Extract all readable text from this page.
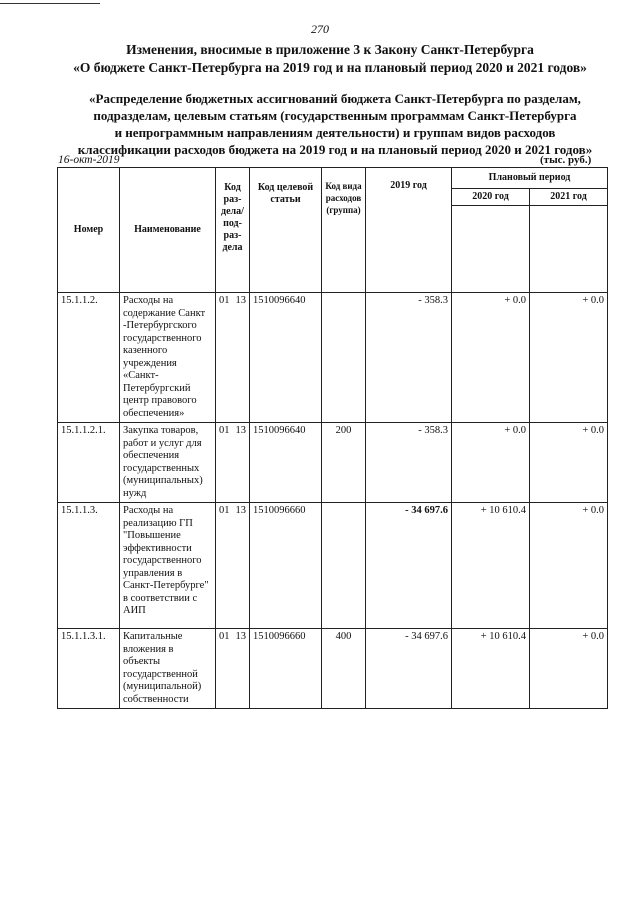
270
Изменения, вносимые в приложение 3 к Закону Санкт-Петербурга
«О бюджете Санкт-Петербурга на 2019 год и на плановый период 2020 и 2021 годов»
«Распределение бюджетных ассигнований бюджета Санкт-Петербурга по разделам,
подразделам, целевым статьям (государственным программам Санкт-Петербурга
и непрограммным направлениям деятельности) и группам видов расходов
классификации расходов бюджета на 2019 год и на плановый период 2020 и 2021 годов»
16-окт-2019	(тыс. руб.)
Номер	Наименование	Код раз- дела/ под- раз- дела	Код целевой статьи	Код вида расходов (группа)	2019 год	Плановый период	
						2020 год	2021 год

15.1.1.2.	Расходы на содержание Санкт -Петербургского государственного казенного учреждения «Санкт-Петербургский центр правового обеспечения»	01 13	1510096640		- 358.3	+ 0.0	+ 0.0
15.1.1.2.1.	Закупка товаров, работ и услуг для обеспечения государственных (муниципальных) нужд	01 13	1510096640	200	- 358.3	+ 0.0	+ 0.0
15.1.1.3.	Расходы на реализацию ГП "Повышение эффективности государственного управления в Санкт-Петербурге" в соответствии с АИП	01 13	1510096660		- 34 697.6	+ 10 610.4	+ 0.0
15.1.1.3.1.	Капитальные вложения в объекты государственной (муниципальной) собственности	01 13	1510096660	400	- 34 697.6	+ 10 610.4	+ 0.0
